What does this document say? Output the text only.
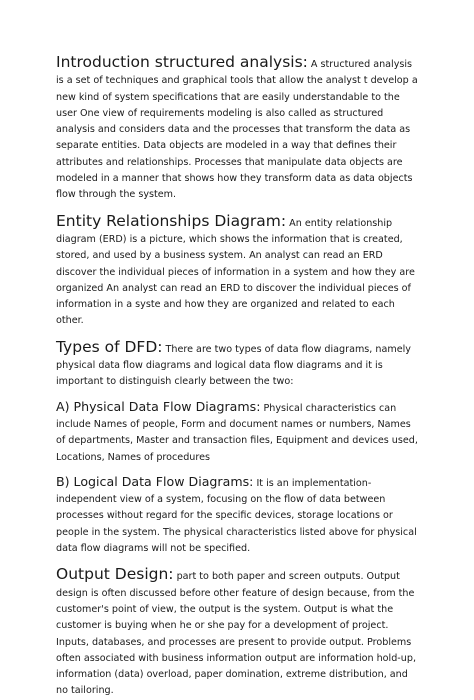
Introduction structured analysis: A structured analysis is a set of techniques and graphical tools that allow the analyst t develop a new kind of system specifications that are easily understandable to the user One view of requirements modeling is also called as structured analysis and considers data and the processes that transform the data as separate entities. Data objects are modeled in a way that defines their attributes and relationships. Processes that manipulate data objects are modeled in a manner that shows how they transform data as data objects flow through the system.

Entity Relationships Diagram: An entity relationship diagram (ERD) is a picture, which shows the information that is created, stored, and used by a business system. An analyst can read an ERD discover the individual pieces of information in a system and how they are organized An analyst can read an ERD to discover the individual pieces of information in a syste and how they are organized and related to each other.

Types of DFD: There are two types of data flow diagrams, namely physical data flow diagrams and logical data flow diagrams and it is important to distinguish clearly between the two:

A) Physical Data Flow Diagrams: Physical characteristics can include Names of people, Form and document names or numbers, Names of departments, Master and transaction files, Equipment and devices used, Locations, Names of procedures

B) Logical Data Flow Diagrams: It is an implementation-independent view of a system, focusing on the flow of data between processes without regard for the specific devices, storage locations or people in the system. The physical characteristics listed above for physical data flow diagrams will not be specified.

Output Design: part to both paper and screen outputs. Output design is often discussed before other feature of design because, from the customer's point of view, the output is the system. Output is what the customer is buying when he or she pay for a development of project. Inputs, databases, and processes are present to provide output. Problems often associated with business information output are information hold-up, information (data) overload, paper domination, extreme distribution, and no tailoring.
